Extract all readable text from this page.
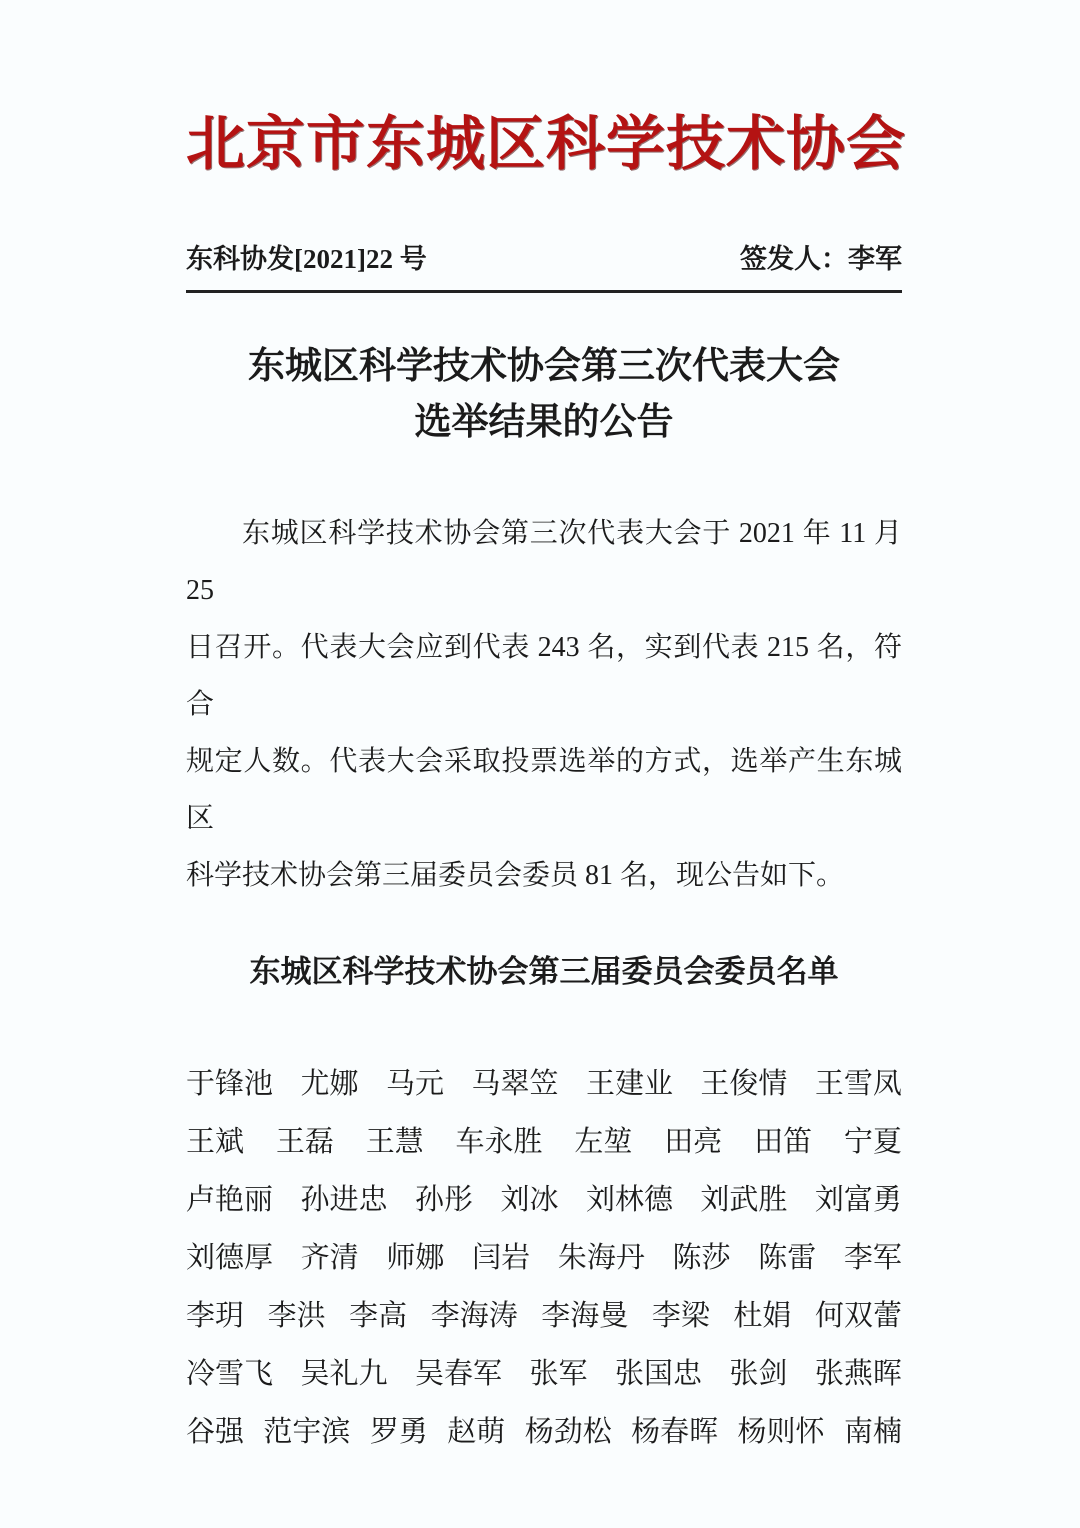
北京市东城区科学技术协会
东科协发[2021]22 号	签发人：李军
东城区科学技术协会第三次代表大会
选举结果的公告
东城区科学技术协会第三次代表大会于 2021 年 11 月 25
日召开。代表大会应到代表 243 名，实到代表 215 名，符合
规定人数。代表大会采取投票选举的方式，选举产生东城区
科学技术协会第三届委员会委员 81 名，现公告如下。
东城区科学技术协会第三届委员会委员名单
于锋池 尤娜 马元 马翠笠 王建业 王俊情 王雪凤
王斌 王磊 王慧 车永胜 左堃 田亮 田笛 宁夏
卢艳丽 孙进忠 孙彤 刘冰 刘林德 刘武胜 刘富勇
刘德厚 齐清 师娜 闫岩 朱海丹 陈莎 陈雷 李军
李玥 李洪 李高 李海涛 李海曼 李梁 杜娟 何双蕾
冷雪飞 吴礼九 吴春军 张军 张国忠 张剑 张燕晖
谷强 范宇滨 罗勇 赵萌 杨劲松 杨春晖 杨则怀 南楠
